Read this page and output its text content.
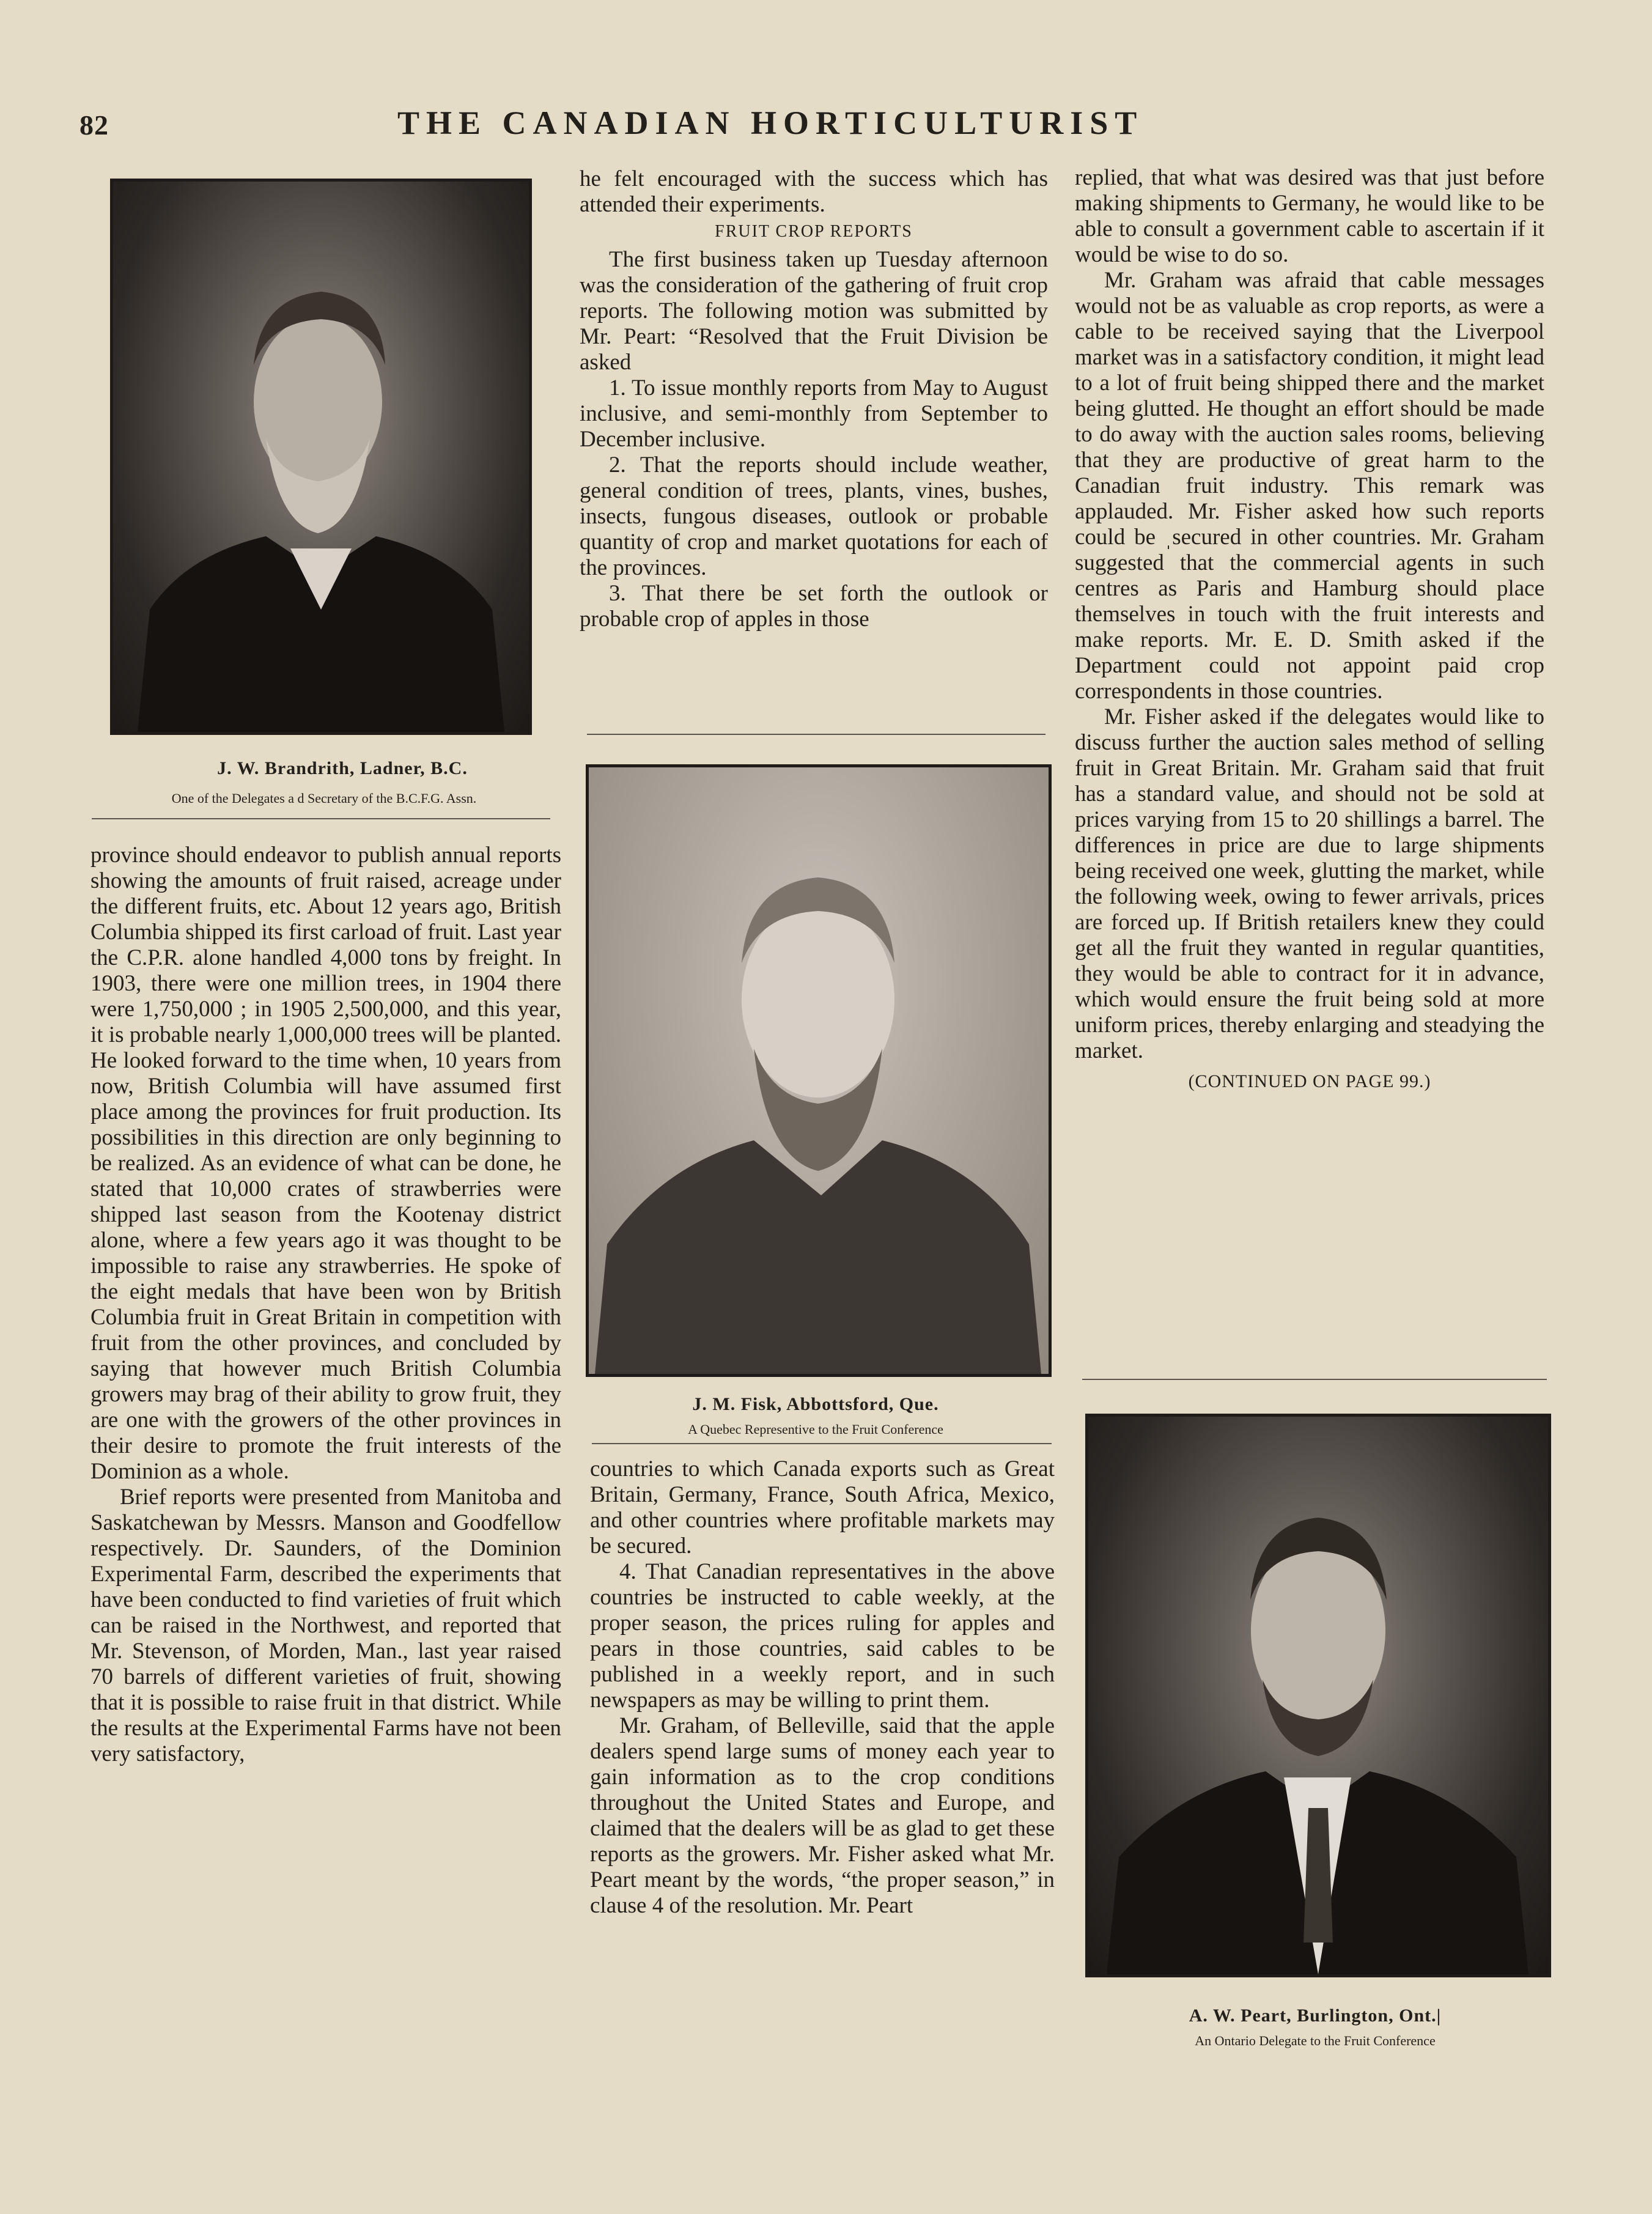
82	THE CANADIAN HORTICULTURIST
J. W. Brandrith, Ladner, B.C.
One of the Delegates a d Secretary of the B.C.F.G. Assn.

province should endeavor to publish annual reports showing the amounts of fruit raised, acreage under the different fruits, etc. About 12 years ago, British Columbia shipped its first carload of fruit. Last year the C.P.R. alone handled 4,000 tons by freight. In 1903, there were one million trees, in 1904 there were 1,750,000 ; in 1905 2,500,000, and this year, it is probable nearly 1,000,000 trees will be planted. He looked forward to the time when, 10 years from now, British Columbia will have assumed first place among the provinces for fruit production. Its possibilities in this direction are only beginning to be realized. As an evidence of what can be done, he stated that 10,000 crates of strawberries were shipped last season from the Kootenay district alone, where a few years ago it was thought to be impossible to raise any strawberries. He spoke of the eight medals that have been won by British Columbia fruit in Great Britain in competition with fruit from the other provinces, and concluded by saying that however much British Columbia growers may brag of their ability to grow fruit, they are one with the growers of the other provinces in their desire to promote the fruit interests of the Dominion as a whole.

Brief reports were presented from Manitoba and Saskatchewan by Messrs. Manson and Goodfellow respectively. Dr. Saunders, of the Dominion Experimental Farm, described the experiments that have been conducted to find varieties of fruit which can be raised in the Northwest, and reported that Mr. Stevenson, of Morden, Man., last year raised 70 barrels of different varieties of fruit, showing that it is possible to raise fruit in that district. While the results at the Experimental Farms have not been very satisfactory,

he felt encouraged with the success which has attended their experiments.

FRUIT CROP REPORTS

The first business taken up Tuesday afternoon was the consideration of the gathering of fruit crop reports. The following motion was submitted by Mr. Peart: “Resolved that the Fruit Division be asked

1. To issue monthly reports from May to August inclusive, and semi-monthly from September to December inclusive.

2. That the reports should include weather, general condition of trees, plants, vines, bushes, insects, fungous diseases, outlook or probable quantity of crop and market quotations for each of the provinces.

3. That there be set forth the outlook or probable crop of apples in those

J. M. Fisk, Abbottsford, Que.
A Quebec Representive to the Fruit Conference

countries to which Canada exports such as Great Britain, Germany, France, South Africa, Mexico, and other countries where profitable markets may be secured.

4. That Canadian representatives in the above countries be instructed to cable weekly, at the proper season, the prices ruling for apples and pears in those countries, said cables to be published in a weekly report, and in such newspapers as may be willing to print them.

Mr. Graham, of Belleville, said that the apple dealers spend large sums of money each year to gain information as to the crop conditions throughout the United States and Europe, and claimed that the dealers will be as glad to get these reports as the growers. Mr. Fisher asked what Mr. Peart meant by the words, “the proper season,” in clause 4 of the resolution. Mr. Peart

replied, that what was desired was that just before making shipments to Germany, he would like to be able to consult a government cable to ascertain if it would be wise to do so.

Mr. Graham was afraid that cable messages would not be as valuable as crop reports, as were a cable to be received saying that the Liverpool market was in a satisfactory condition, it might lead to a lot of fruit being shipped there and the market being glutted. He thought an effort should be made to do away with the auction sales rooms, believing that they are productive of great harm to the Canadian fruit industry. This remark was applauded. Mr. Fisher asked how such reports could be ˌsecured in other countries. Mr. Graham suggested that the commercial agents in such centres as Paris and Hamburg should place themselves in touch with the fruit interests and make reports. Mr. E. D. Smith asked if the Department could not appoint paid crop correspondents in those countries.

Mr. Fisher asked if the delegates would like to discuss further the auction sales method of selling fruit in Great Britain. Mr. Graham said that fruit has a standard value, and should not be sold at prices varying from 15 to 20 shillings a barrel. The differences in price are due to large shipments being received one week, glutting the market, while the following week, owing to fewer arrivals, prices are forced up. If British retailers knew they could get all the fruit they wanted in regular quantities, they would be able to contract for it in advance, which would ensure the fruit being sold at more uniform prices, thereby enlarging and steadying the market.

(CONTINUED ON PAGE 99.)
A. W. Peart, Burlington, Ont.|
An Ontario Delegate to the Fruit Conference
